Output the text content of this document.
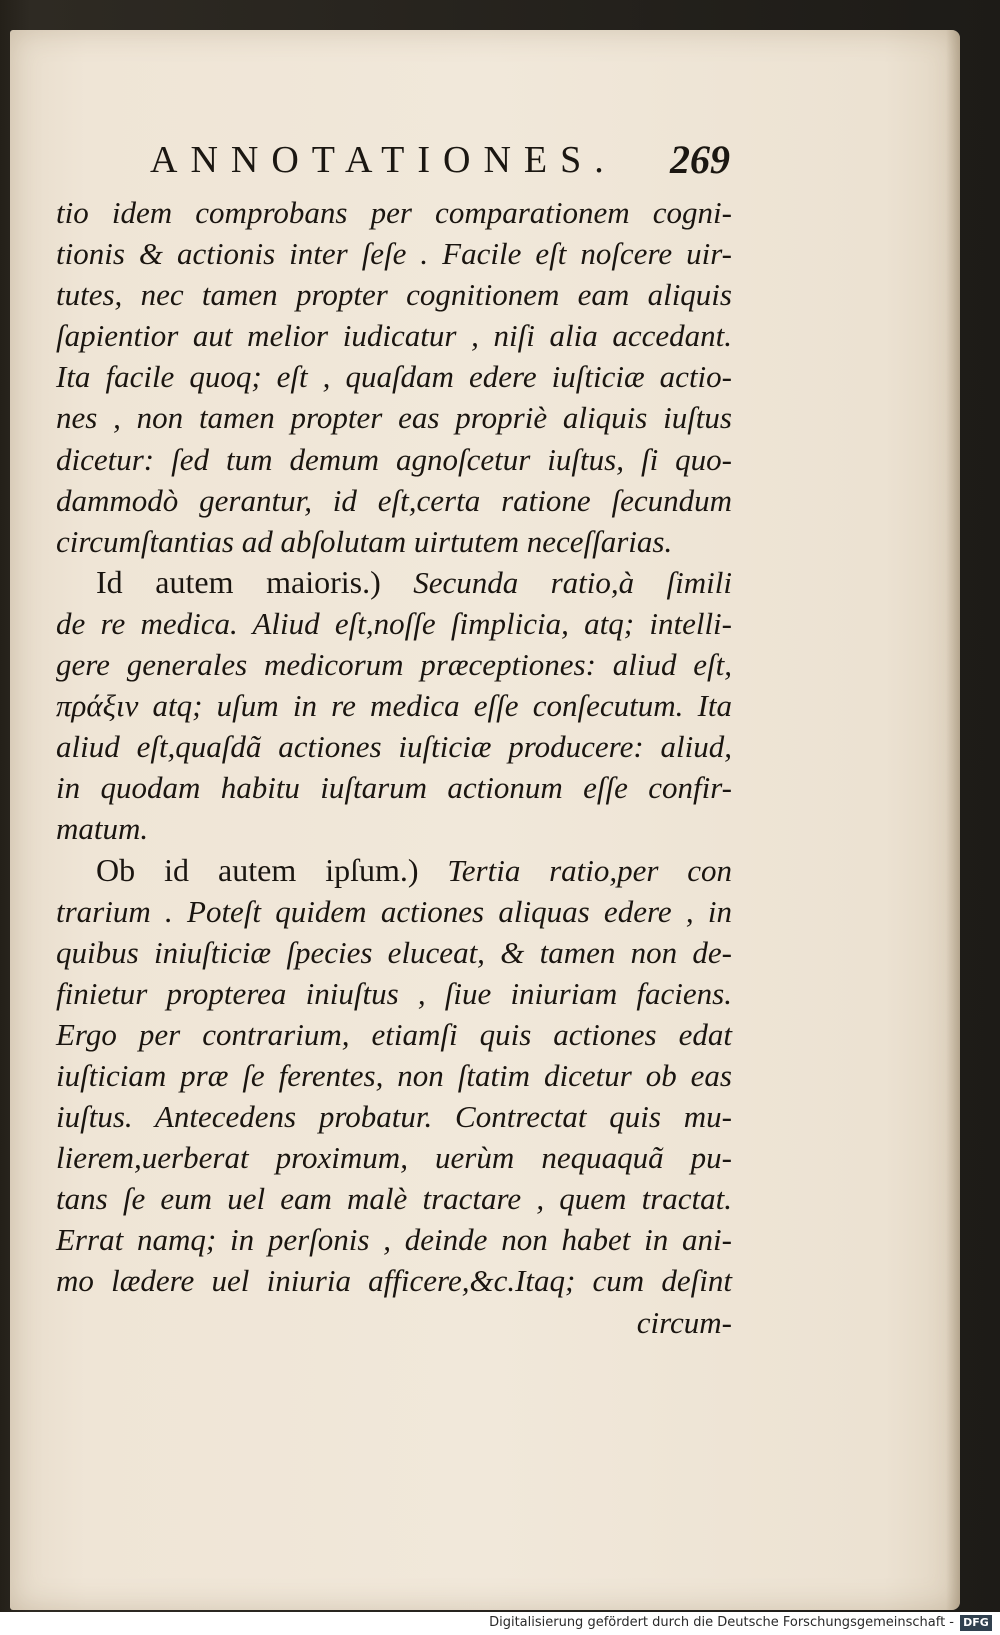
ANNOTATIONES. 269
tio idem comprobans per comparationem cogni-
tionis & actionis inter ſeſe . Facile eſt noſcere uir-
tutes, nec tamen propter cognitionem eam aliquis
ſapientior aut melior iudicatur , niſi alia accedant.
Ita facile quoq; eſt , quaſdam edere iuſticiæ actio-
nes , non tamen propter eas propriè aliquis iuſtus
dicetur: ſed tum demum agnoſcetur iuſtus, ſi quo-
dammodò gerantur, id eſt,certa ratione ſecundum
circumſtantias ad abſolutam uirtutem neceſſarias.
Id autem maioris.) Secunda ratio,à ſimili
de re medica. Aliud eſt,noſſe ſimplicia, atq; intelli-
gere generales medicorum præceptiones: aliud eſt,
πράξιν atq; uſum in re medica eſſe conſecutum. Ita
aliud eſt,quaſdã actiones iuſticiæ producere: aliud,
in quodam habitu iuſtarum actionum eſſe confir-
matum.
Ob id autem ipſum.) Tertia ratio,per con
trarium . Poteſt quidem actiones aliquas edere , in
quibus iniuſticiæ ſpecies eluceat, & tamen non de-
finietur propterea iniuſtus , ſiue iniuriam faciens.
Ergo per contrarium, etiamſi quis actiones edat
iuſticiam præ ſe ferentes, non ſtatim dicetur ob eas
iuſtus. Antecedens probatur. Contrectat quis mu-
lierem,uerberat proximum, uerùm nequaquã pu-
tans ſe eum uel eam malè tractare , quem tractat.
Errat namq; in perſonis , deinde non habet in ani-
mo lædere uel iniuria afficere,&c.Itaq; cum deſint
circum-
Digitalisierung gefördert durch die Deutsche Forschungsgemeinschaft - DFG
